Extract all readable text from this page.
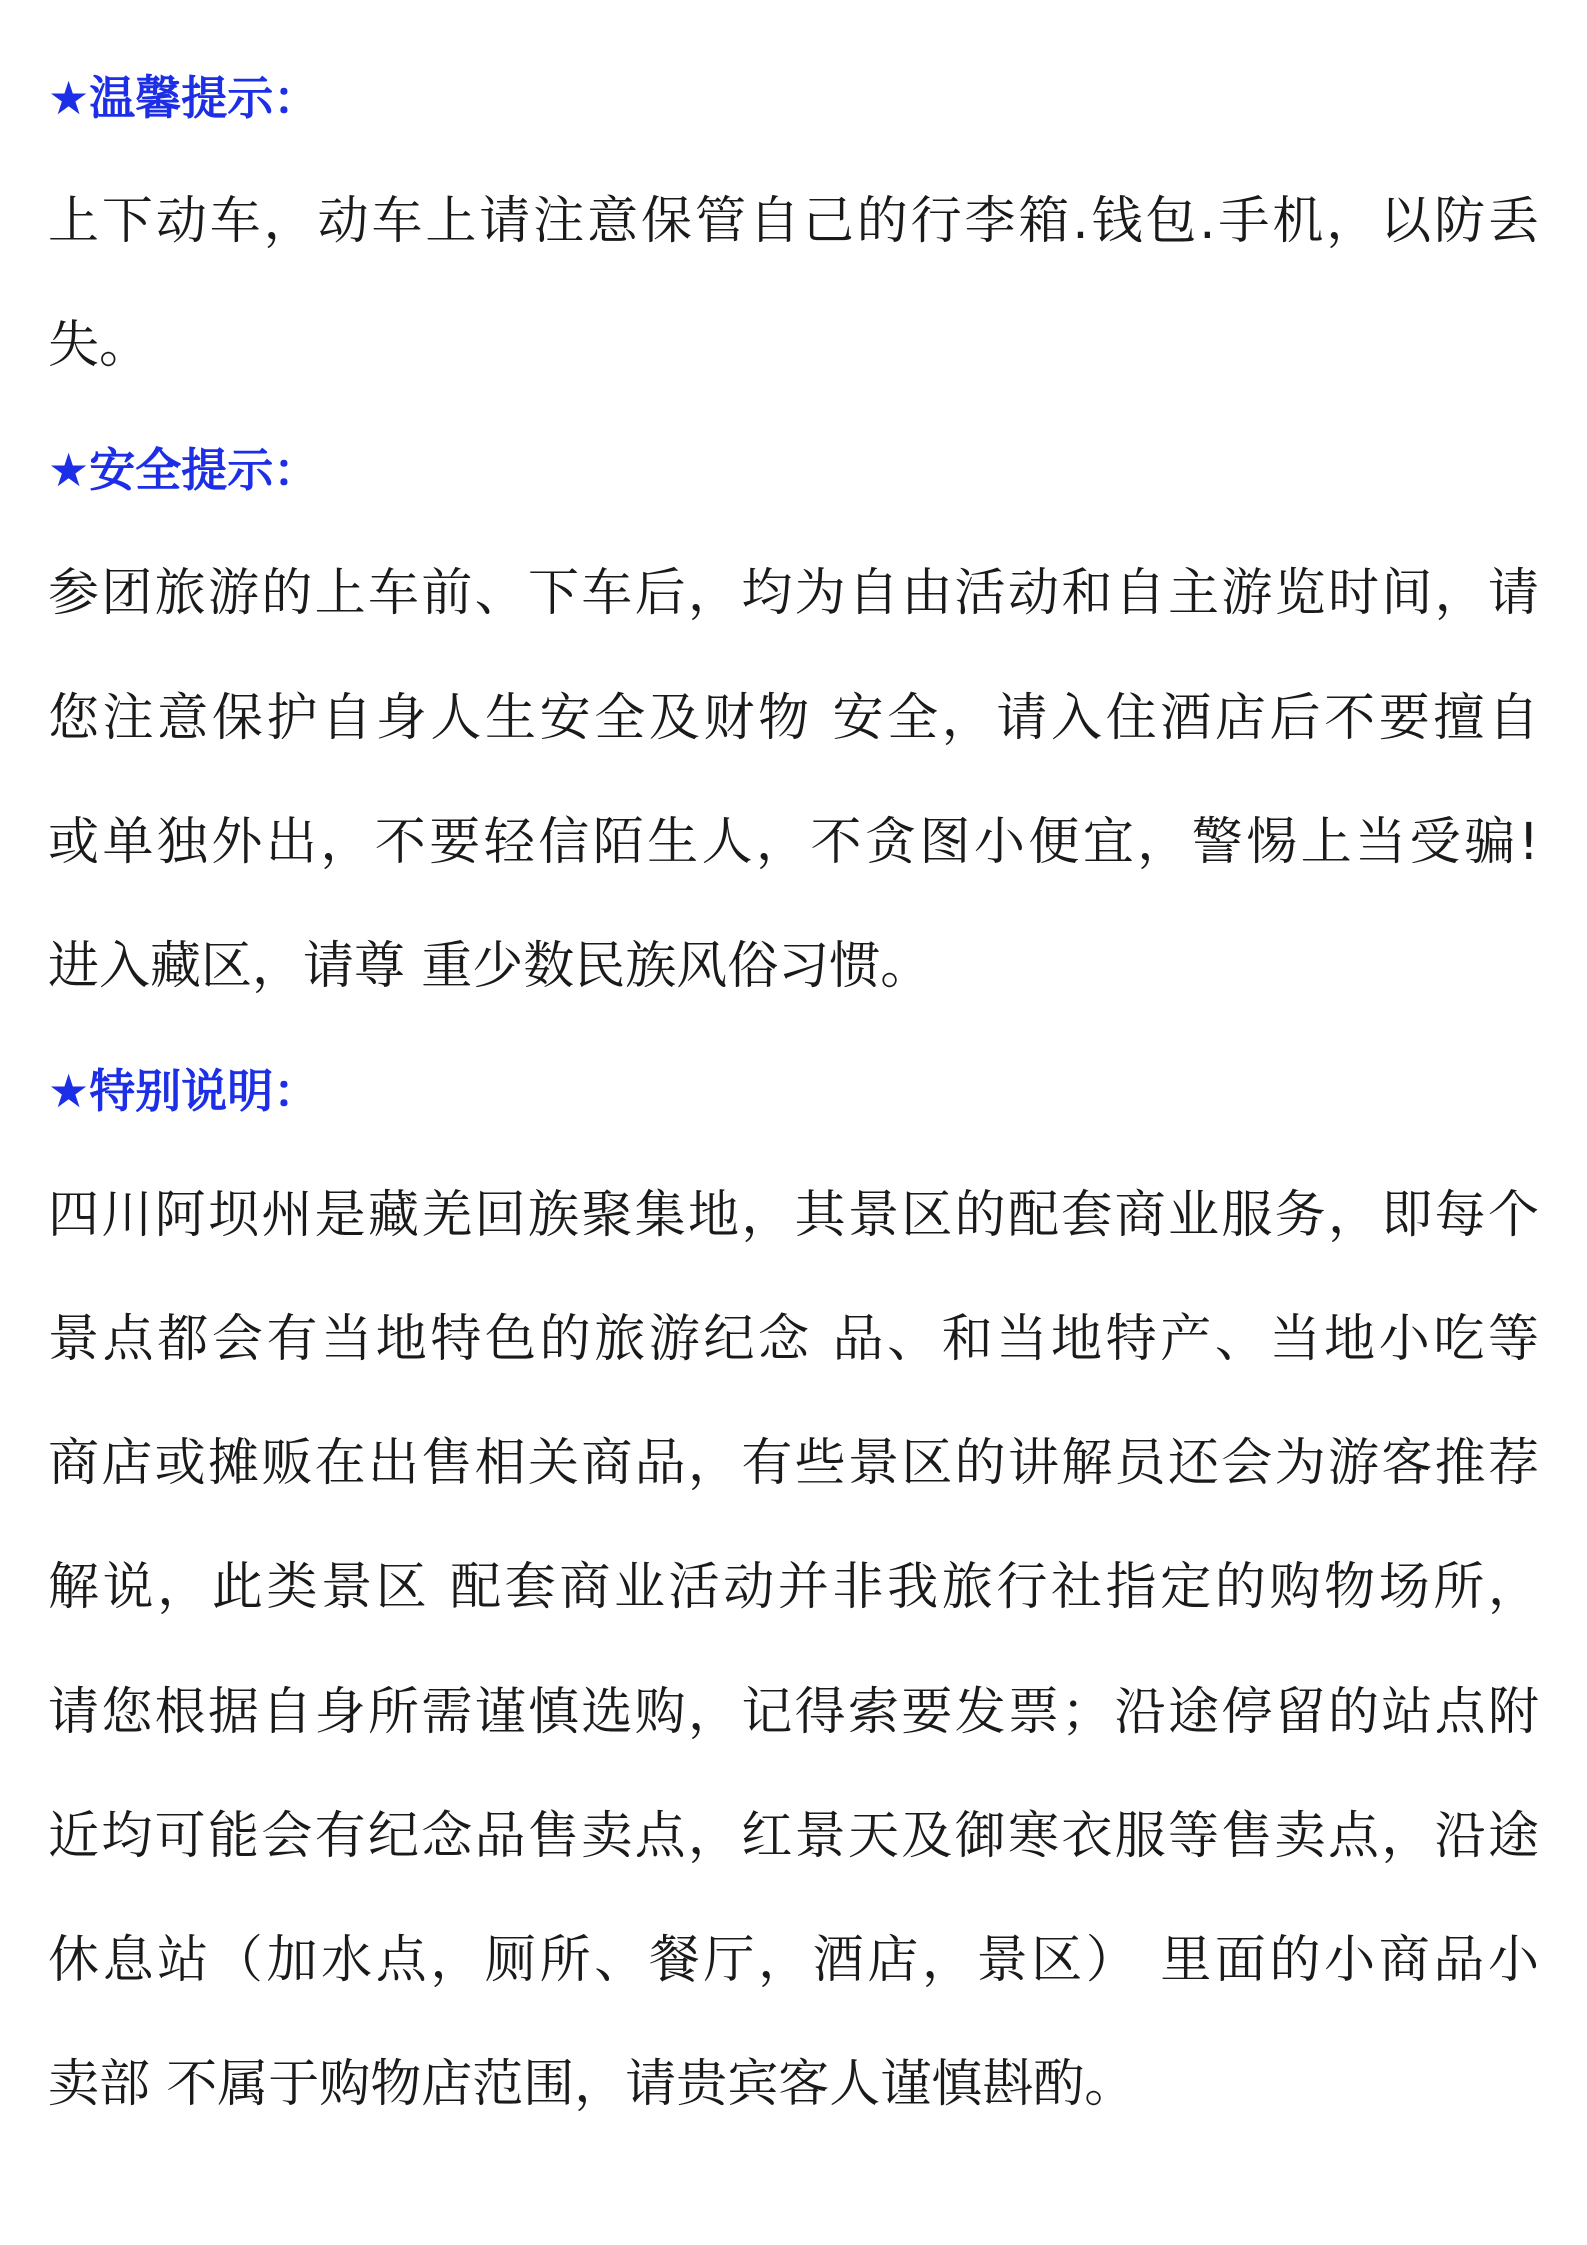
★温馨提示：
上下动车，动车上请注意保管自己的行李箱.钱包.手机，以防丢
失。
★安全提示：
参团旅游的上车前、下车后，均为自由活动和自主游览时间，请
您注意保护自身人生安全及财物 安全，请入住酒店后不要擅自
或单独外出，不要轻信陌生人，不贪图小便宜，警惕上当受骗!
进入藏区，请尊 重少数民族风俗习惯。
★特别说明：
四川阿坝州是藏羌回族聚集地，其景区的配套商业服务，即每个
景点都会有当地特色的旅游纪念 品、和当地特产、当地小吃等
商店或摊贩在出售相关商品，有些景区的讲解员还会为游客推荐
解说，此类景区 配套商业活动并非我旅行社指定的购物场所，
请您根据自身所需谨慎选购，记得索要发票；沿途停留的站点附
近均可能会有纪念品售卖点，红景天及御寒衣服等售卖点，沿途
休息站（加水点，厕所、餐厅，酒店，景区） 里面的小商品小
卖部 不属于购物店范围，请贵宾客人谨慎斟酌。
